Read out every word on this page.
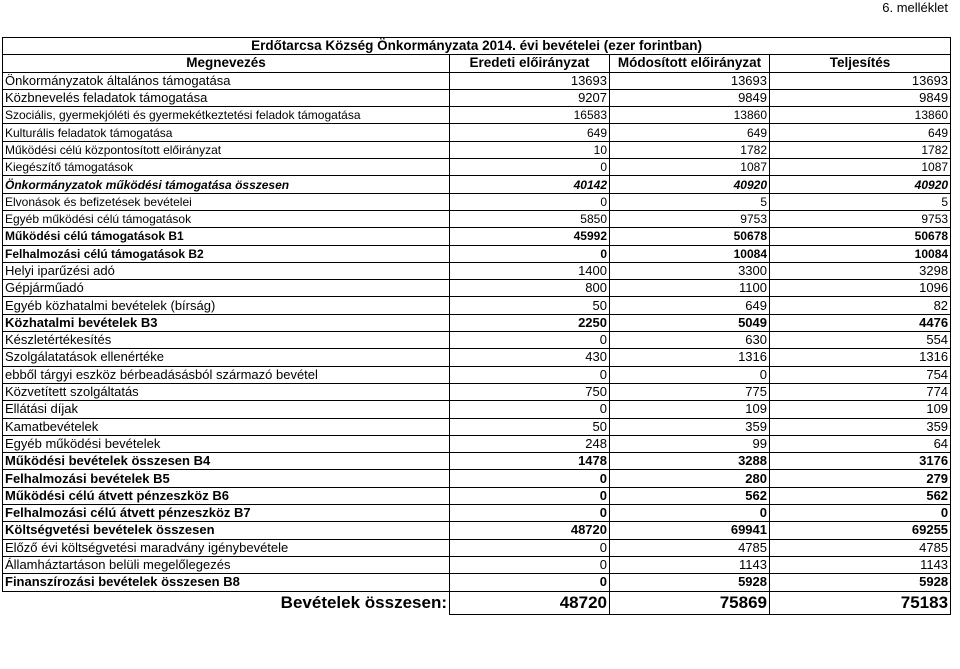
6. melléklet
Erdőtarcsa Község Önkormányzata 2014. évi bevételei (ezer forintban)			
Megnevezés	Eredeti előirányzat	Módosított előirányzat	Teljesítés
Önkormányzatok általános támogatása	13693	13693	13693
Közbnevelés feladatok támogatása	9207	9849	9849
Szociális, gyermekjóléti és gyermekétkeztetési feladok támogatása	16583	13860	13860
Kulturális feladatok támogatása	649	649	649
Működési célú központosított előirányzat	10	1782	1782
Kiegészítő támogatások	0	1087	1087
Önkormányzatok működési támogatása összesen	40142	40920	40920
Elvonások és befizetések bevételei	0	5	5
Egyéb működési célú támogatások	5850	9753	9753
Működési célú támogatások B1	45992	50678	50678
Felhalmozási célú támogatások B2	0	10084	10084
Helyi iparűzési adó	1400	3300	3298
Gépjárműadó	800	1100	1096
Egyéb közhatalmi bevételek (bírság)	50	649	82
Közhatalmi bevételek B3	2250	5049	4476
Készletértékesítés	0	630	554
Szolgálatatások ellenértéke	430	1316	1316
ebből tárgyi eszköz bérbeadásásból származó bevétel	0	0	754
Közvetített szolgáltatás	750	775	774
Ellátási díjak	0	109	109
Kamatbevételek	50	359	359
Egyéb működési bevételek	248	99	64
Működési bevételek összesen B4	1478	3288	3176
Felhalmozási bevételek B5	0	280	279
Működési célú átvett pénzeszköz B6	0	562	562
Felhalmozási célú átvett pénzeszköz B7	0	0	0
Költségvetési bevételek összesen	48720	69941	69255
Előző évi költségvetési maradvány igénybevétele	0	4785	4785
Államháztartáson belüli megelőlegezés	0	1143	1143
Finanszírozási bevételek összesen B8	0	5928	5928
Bevételek összesen:	48720	75869	75183
